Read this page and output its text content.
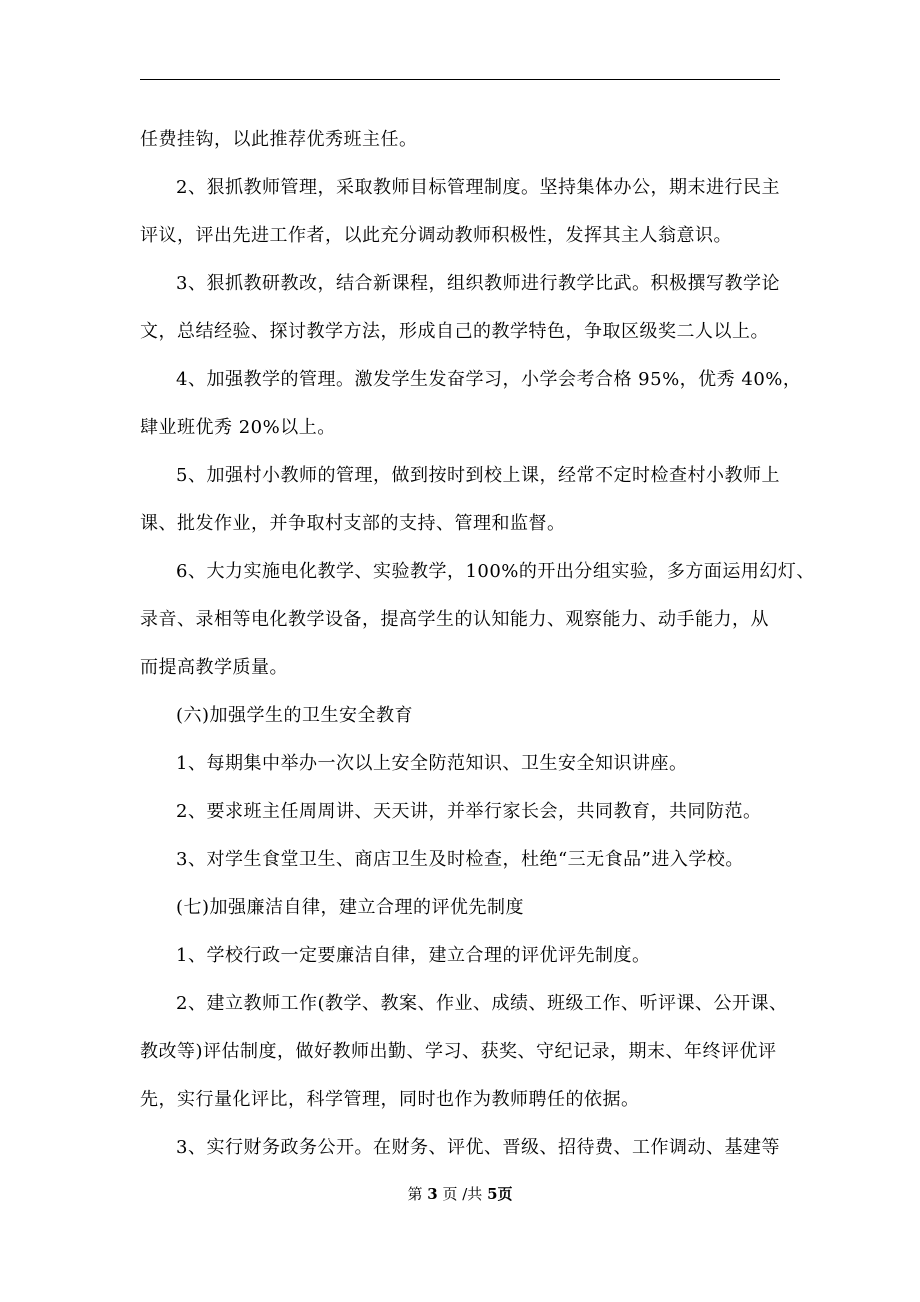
任费挂钩，以此推荐优秀班主任。
2、狠抓教师管理，采取教师目标管理制度。坚持集体办公，期末进行民主
评议，评出先进工作者，以此充分调动教师积极性，发挥其主人翁意识。
3、狠抓教研教改，结合新课程，组织教师进行教学比武。积极撰写教学论
文，总结经验、探讨教学方法，形成自己的教学特色，争取区级奖二人以上。
4、加强教学的管理。激发学生发奋学习，小学会考合格 95%，优秀 40%，
肆业班优秀 20%以上。
5、加强村小教师的管理，做到按时到校上课，经常不定时检查村小教师上
课、批发作业，并争取村支部的支持、管理和监督。
6、大力实施电化教学、实验教学，100%的开出分组实验，多方面运用幻灯、
录音、录相等电化教学设备，提高学生的认知能力、观察能力、动手能力，从
而提高教学质量。
(六)加强学生的卫生安全教育
1、每期集中举办一次以上安全防范知识、卫生安全知识讲座。
2、要求班主任周周讲、天天讲，并举行家长会，共同教育，共同防范。
3、对学生食堂卫生、商店卫生及时检查，杜绝“三无食品”进入学校。
(七)加强廉洁自律，建立合理的评优先制度
1、学校行政一定要廉洁自律，建立合理的评优评先制度。
2、建立教师工作(教学、教案、作业、成绩、班级工作、听评课、公开课、
教改等)评估制度，做好教师出勤、学习、获奖、守纪记录，期末、年终评优评
先，实行量化评比，科学管理，同时也作为教师聘任的依据。
3、实行财务政务公开。在财务、评优、晋级、招待费、工作调动、基建等
第 3 页 /共 5页
